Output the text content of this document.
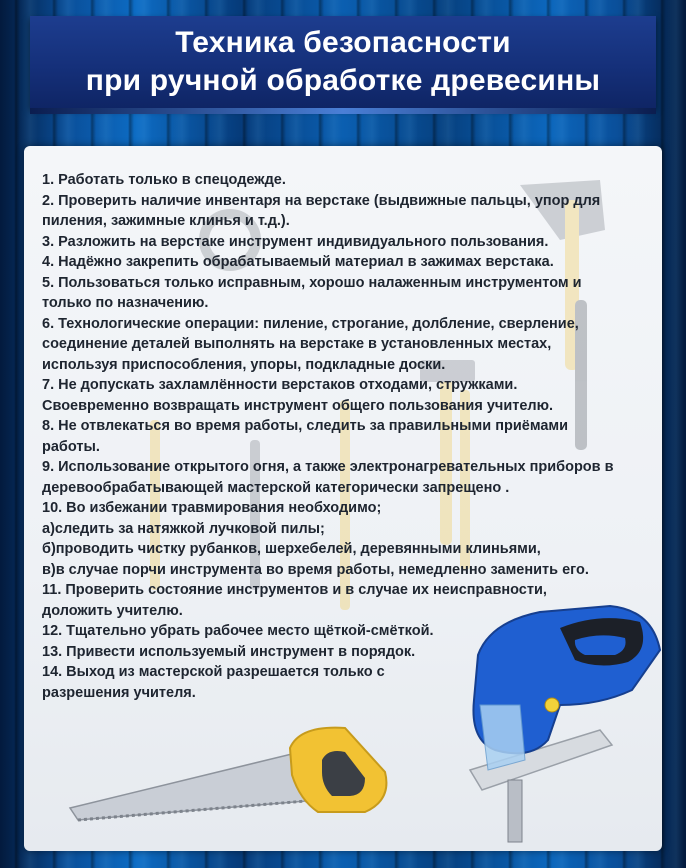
Техника безопасности
при ручной обработке древесины
1. Работать только в спецодежде.
2. Проверить наличие инвентаря на верстаке (выдвижные пальцы, упор для
пиления, зажимные клинья и т.д.).
3. Разложить на верстаке инструмент индивидуального пользования.
4. Надёжно закрепить обрабатываемый материал в зажимах верстака.
5. Пользоваться только исправным, хорошо налаженным инструментом и
только по назначению.
6. Технологические операции: пиление, строгание, долбление, сверление,
соединение деталей выполнять на верстаке в установленных местах,
используя приспособления, упоры, подкладные доски.
7. Не допускать захламлённости верстаков отходами, стружками.
Своевременно возвращать инструмент общего пользования учителю.
8. Не отвлекаться во время работы, следить за правильными приёмами
работы.
9. Использование открытого огня, а также электронагревательных приборов в
деревообрабатывающей мастерской категорически запрещено .
10. Во избежании травмирования необходимо;
а)следить за натяжкой лучковой пилы;
б)проводить чистку рубанков, шерхебелей, деревянными клиньями,
в)в случае порчи инструмента во время работы, немедленно заменить его.
11. Проверить состояние инструментов и в случае их неисправности,
доложить учителю.
12. Тщательно убрать рабочее место щёткой-смёткой.
13. Привести используемый инструмент в порядок.
14. Выход из мастерской разрешается только с
разрешения учителя.
